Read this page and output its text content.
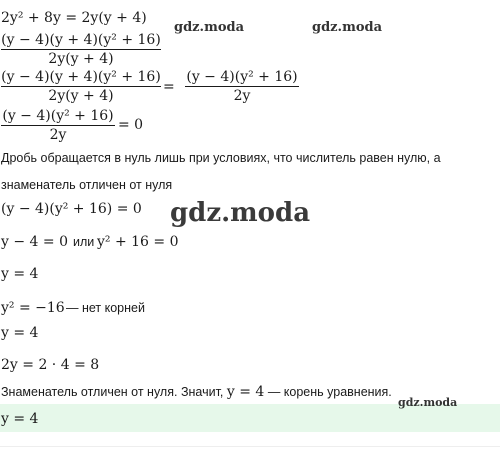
2y² + 8y = 2y(y + 4)
(y − 4)(y + 4)(y² + 16)
2y(y + 4)
(y − 4)(y + 4)(y² + 16)
2y(y + 4)
=
(y − 4)(y² + 16)
2y
(y − 4)(y² + 16)
2y
= 0
Дробь обращается в нуль лишь при условиях, что числитель равен нулю, а
знаменатель отличен от нуля
(y − 4)(y² + 16) = 0
y − 4 = 0 или y² + 16 = 0
y = 4
y² = −16 — нет корней
y = 4
2y = 2 · 4 = 8
Знаменатель отличен от нуля. Значит, y = 4 — корень уравнения.
y = 4
gdz.moda	gdz.moda
gdz.moda
gdz.moda
